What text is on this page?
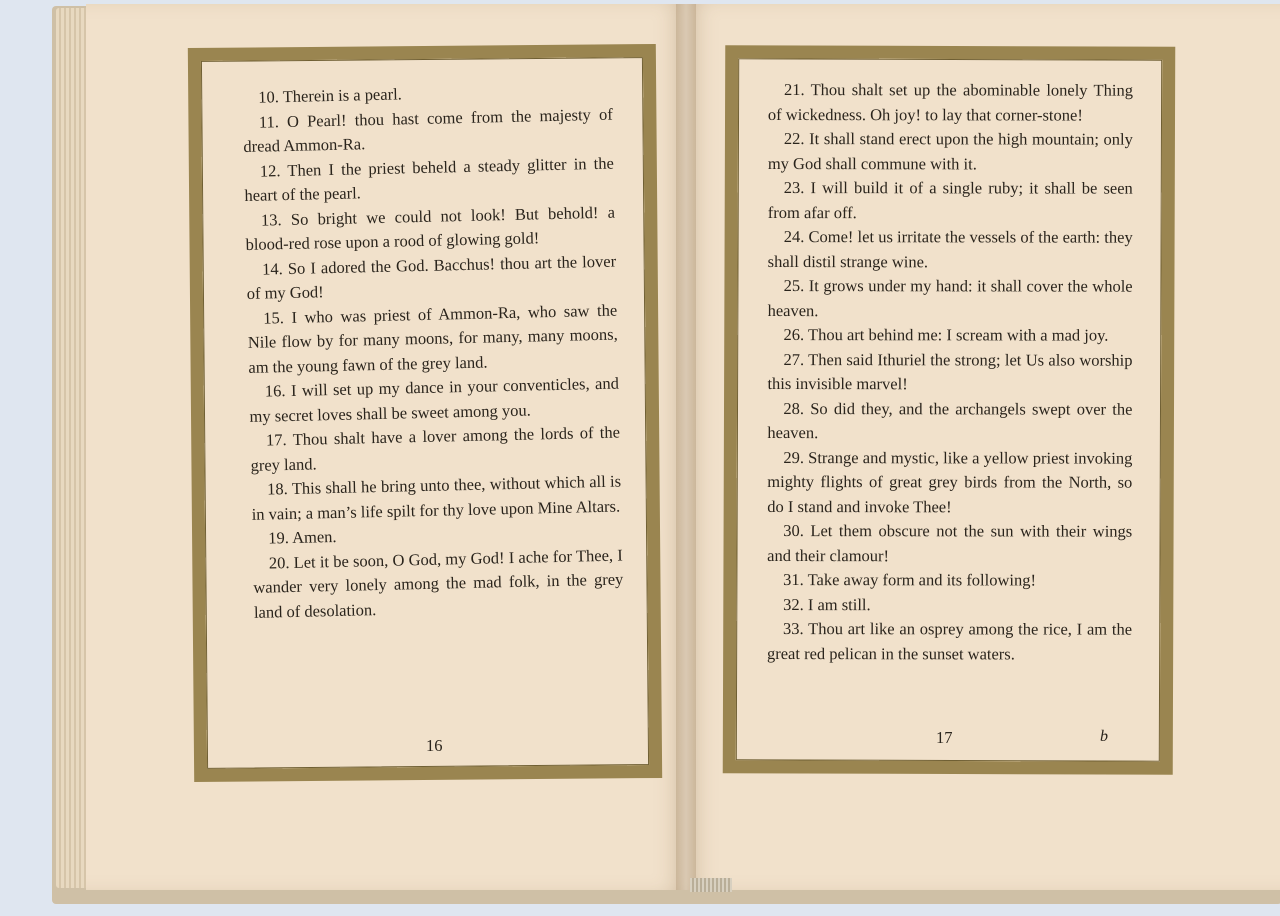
10. Therein is a pearl.

11. O Pearl! thou hast come from the majesty of dread Ammon-Ra.

12. Then I the priest beheld a steady glitter in the heart of the pearl.

13. So bright we could not look! But behold! a blood-red rose upon a rood of glowing gold!

14. So I adored the God. Bacchus! thou art the lover of my God!

15. I who was priest of Ammon-Ra, who saw the Nile flow by for many moons, for many, many moons, am the young fawn of the grey land.

16. I will set up my dance in your conventicles, and my secret loves shall be sweet among you.

17. Thou shalt have a lover among the lords of the grey land.

18. This shall he bring unto thee, without which all is in vain; a man’s life spilt for thy love upon Mine Altars.

19. Amen.

20. Let it be soon, O God, my God! I ache for Thee, I wander very lonely among the mad folk, in the grey land of desolation.

21. Thou shalt set up the abominable lonely Thing of wickedness. Oh joy! to lay that corner-stone!

22. It shall stand erect upon the high mountain; only my God shall commune with it.

23. I will build it of a single ruby; it shall be seen from afar off.

24. Come! let us irritate the vessels of the earth: they shall distil strange wine.

25. It grows under my hand: it shall cover the whole heaven.

26. Thou art behind me: I scream with a mad joy.

27. Then said Ithuriel the strong; let Us also worship this invisible marvel!

28. So did they, and the archangels swept over the heaven.

29. Strange and mystic, like a yellow priest invoking mighty flights of great grey birds from the North, so do I stand and invoke Thee!

30. Let them obscure not the sun with their wings and their clamour!

31. Take away form and its following!

32. I am still.

33. Thou art like an osprey among the rice, I am the great red pelican in the sunset waters.

16	17	b
